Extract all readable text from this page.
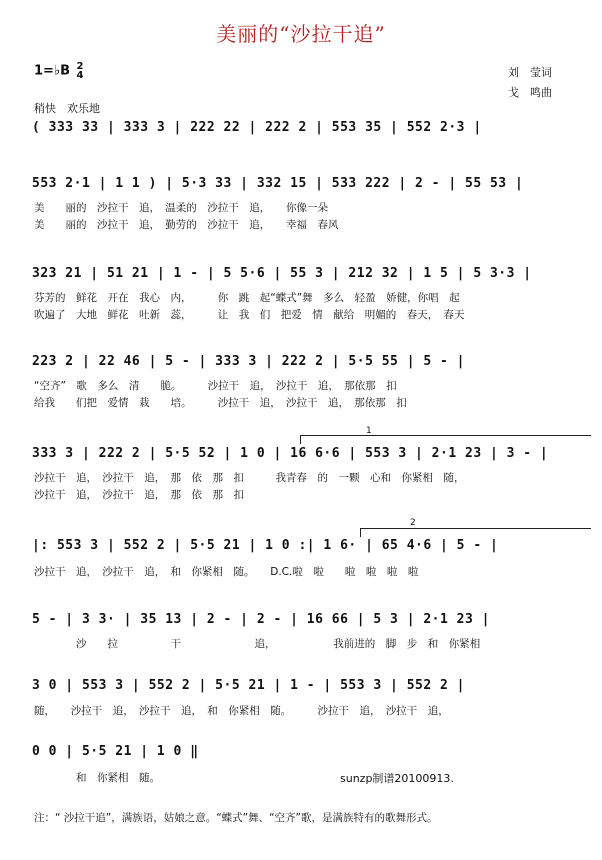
美丽的“沙拉干追”
1=♭B 2
4	刘　莹词
戈　鸣曲
稍快　欢乐地
( 333 33 | 333 3 | 222 22 | 222 2 | 553 35 | 552 2·3 |
553 2·1 | 1 1 ) | 5·3 33 | 332 15 | 533 222 | 2 - | 55 53 |
美　　丽的　沙拉干　追，　温柔的　沙拉干　追，　　你像一朵
美　　丽的　沙拉干　追，　勤劳的　沙拉干　追，　　幸福　春风
323 21 | 51 21 | 1 - | 5 5·6 | 55 3 | 212 32 | 1 5 | 5 3·3 |
芬芳的　鲜花　开在　我心　内，　　　你　跳　起“蝶式”舞　多么　轻盈　娇健，你唱　起
吹遍了　大地　鲜花　吐新　蕊，　　　让　我　们　把爱　情　献给　明媚的　春天，　春天
223 2 | 22 46 | 5 - | 333 3 | 222 2 | 5·5 55 | 5 - |
“空齐”　歌　多么　清　　脆。　　　沙拉干　追，　沙拉干　追，　那依那　扣
给我　　们把　爱情　栽　　培。　　　沙拉干　追，　沙拉干　追，　那依那　扣
1
333 3 | 222 2 | 5·5 52 | 1 0 | 16 6·6 | 553 3 | 2·1 23 | 3 - |
沙拉干　追，　沙拉干　追，　那　依　那　扣　　　我青春　的　一颗　心和　你紧相　随，
沙拉干　追，　沙拉干　追，　那　依　那　扣
2
|: 553 3 | 552 2 | 5·5 21 | 1 0 :| 1 6· | 65 4·6 | 5 - |
沙拉干　追，　沙拉干　追，　和　你紧相　随。　　D.C.啦　啦　　啦　啦　啦　啦
5 - | 3 3· | 35 13 | 2 - | 2 - | 16 66 | 5 3 | 2·1 23 |
　　　　沙　　拉　　　　　干　　　　　　　追，　　　　　　我前进的　脚　步　和　你紧相
3 0 | 553 3 | 552 2 | 5·5 21 | 1 - | 553 3 | 552 2 |
随，　　沙拉干　追，　沙拉干　追，　和　你紧相　随。　　　沙拉干　追，　沙拉干　追，
0 0 | 5·5 21 | 1 0 ‖
　　　　和　你紧相　随。	sunzp制谱20100913.
注：“ 沙拉干追”，满族语，姑娘之意。“蝶式”舞、“空齐”歌，是满族特有的歌舞形式。
